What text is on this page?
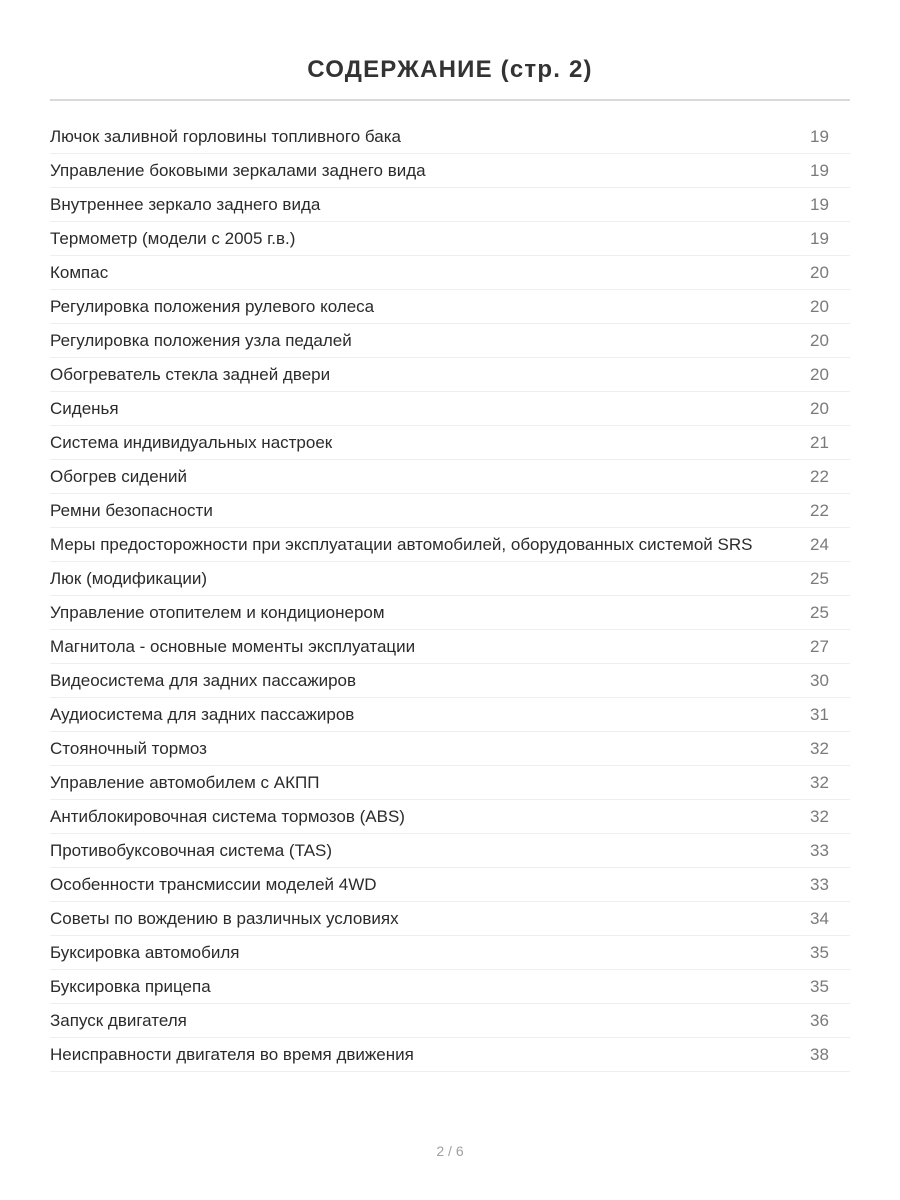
СОДЕРЖАНИЕ (стр. 2)
Лючок заливной горловины топливного бака	19
Управление боковыми зеркалами заднего вида	19
Внутреннее зеркало заднего вида	19
Термометр (модели с 2005 г.в.)	19
Компас	20
Регулировка положения рулевого колеса	20
Регулировка положения узла педалей	20
Обогреватель стекла задней двери	20
Сиденья	20
Система индивидуальных настроек	21
Обогрев сидений	22
Ремни безопасности	22
Меры предосторожности при эксплуатации автомобилей, оборудованных системой SRS	24
Люк (модификации)	25
Управление отопителем и кондиционером	25
Магнитола - основные моменты эксплуатации	27
Видеосистема для задних пассажиров	30
Аудиосистема для задних пассажиров	31
Стояночный тормоз	32
Управление автомобилем с АКПП	32
Антиблокировочная система тормозов (ABS)	32
Противобуксовочная система (TAS)	33
Особенности трансмиссии моделей 4WD	33
Советы по вождению в различных условиях	34
Буксировка автомобиля	35
Буксировка прицепа	35
Запуск двигателя	36
Неисправности двигателя во время движения	38
2 / 6
